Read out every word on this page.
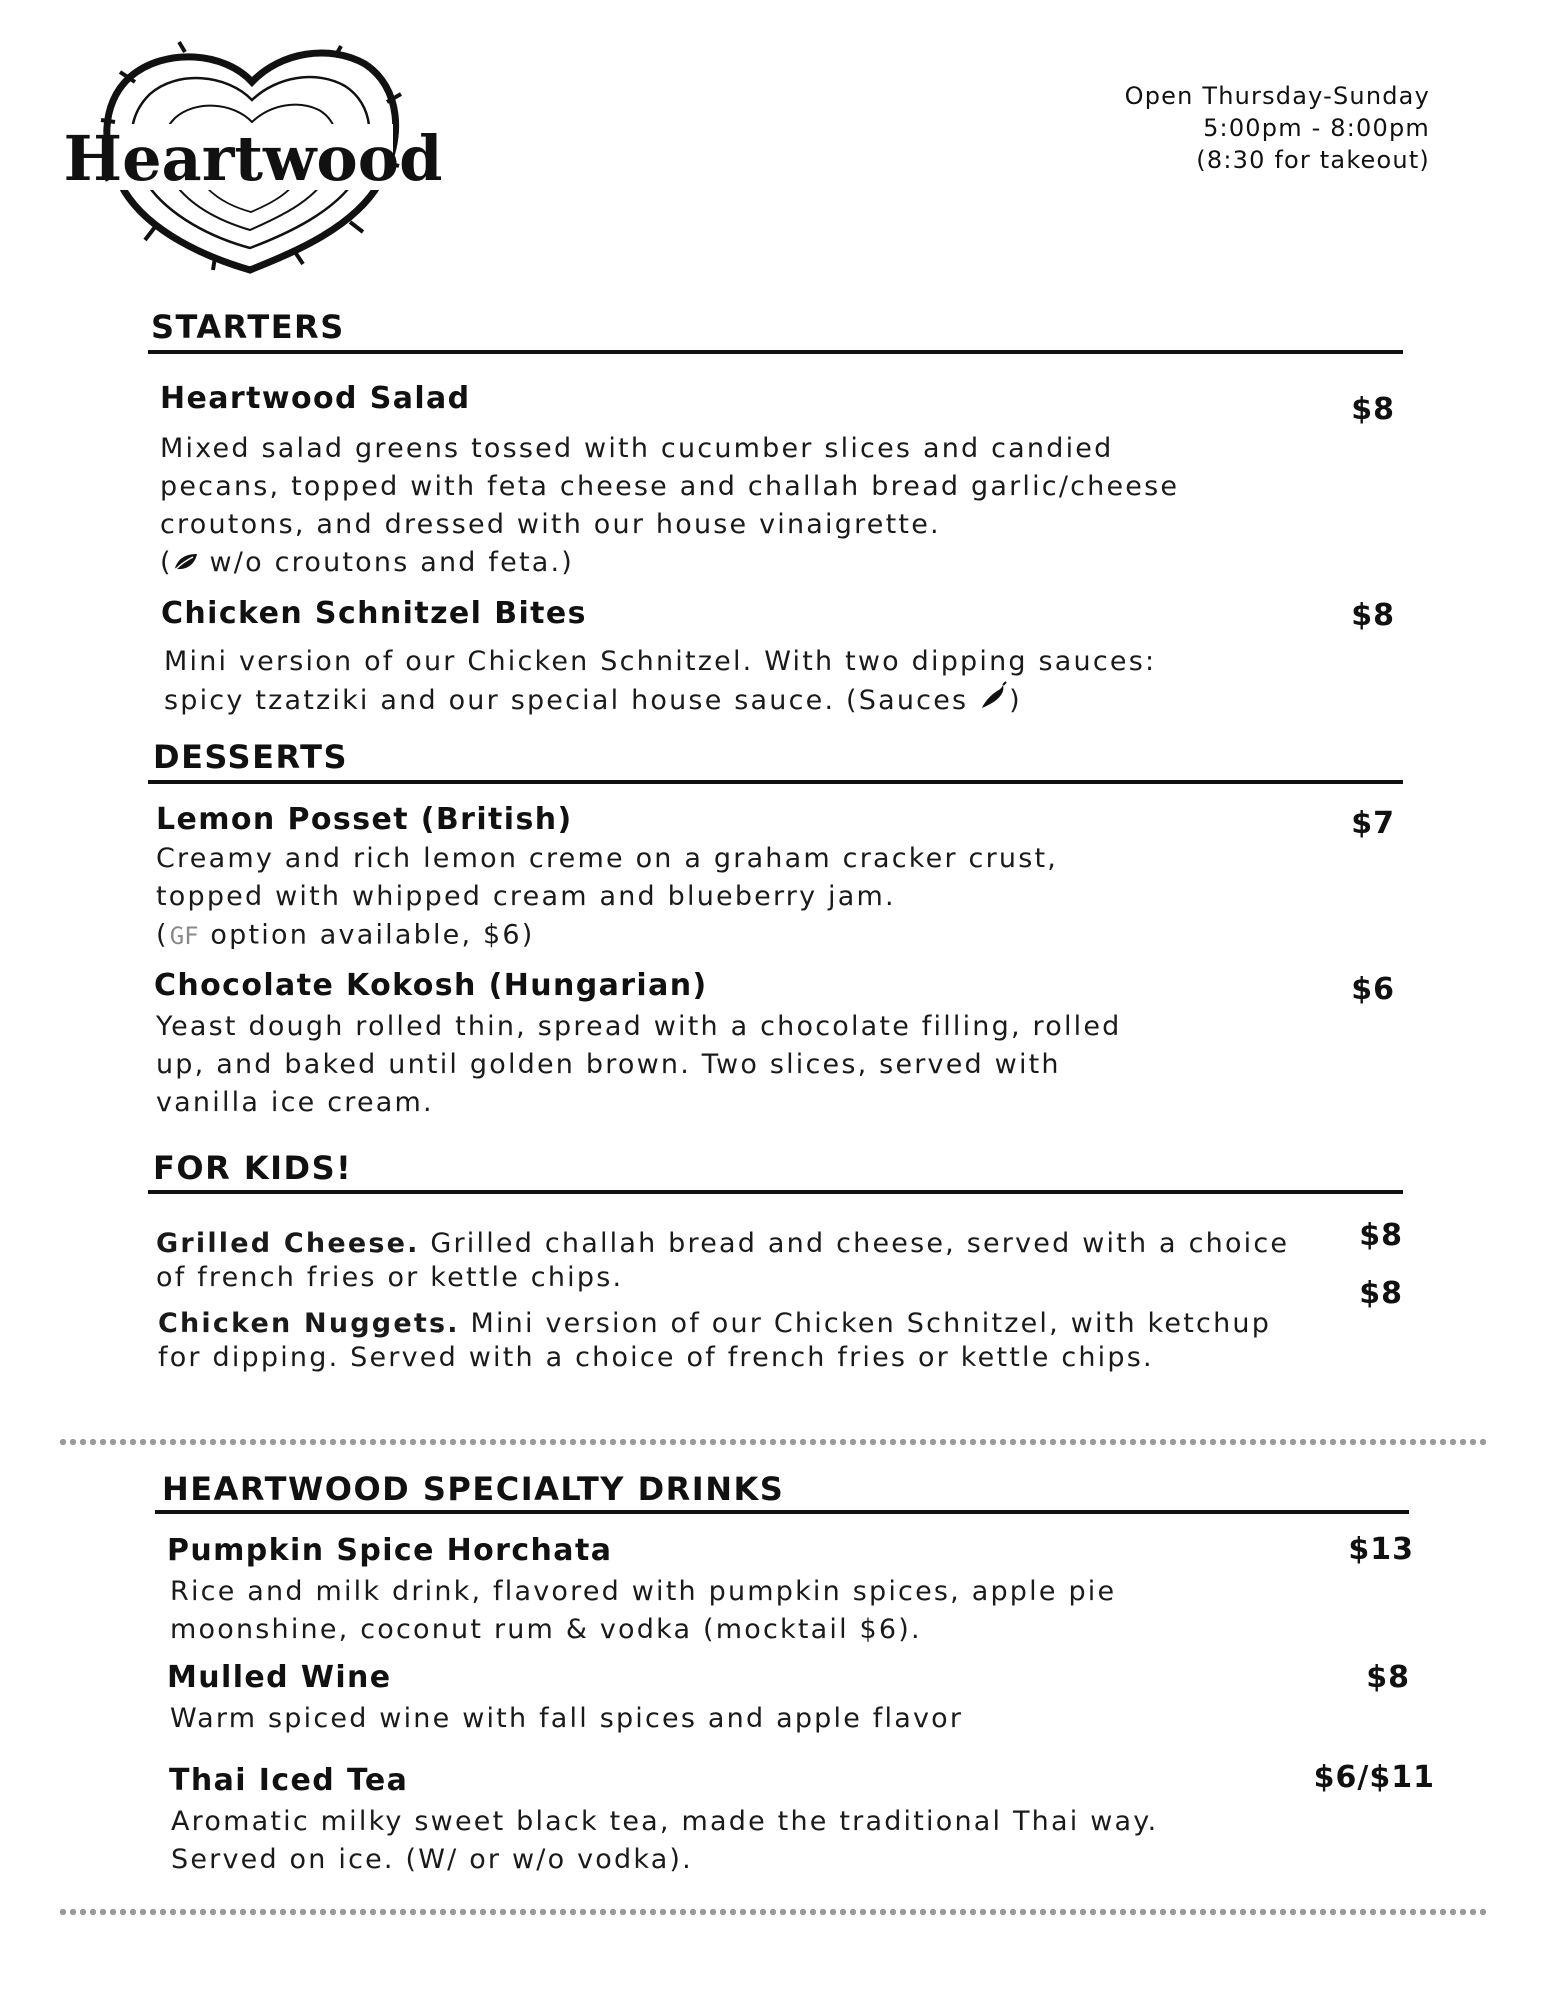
Heartwood
Open Thursday-Sunday
5:00pm - 8:00pm
(8:30 for takeout)
STARTERS
Heartwood Salad	$8
Mixed salad greens tossed with cucumber slices and candied
pecans, topped with feta cheese and challah bread garlic/cheese
croutons, and dressed with our house vinaigrette.
( w/o croutons and feta.)
Chicken Schnitzel Bites	$8
Mini version of our Chicken Schnitzel. With two dipping sauces:
spicy tzatziki and our special house sauce. (Sauces )
DESSERTS
Lemon Posset (British)	$7
Creamy and rich lemon creme on a graham cracker crust,
topped with whipped cream and blueberry jam.
(GF option available, $6)
Chocolate Kokosh (Hungarian)	$6
Yeast dough rolled thin, spread with a chocolate filling, rolled
up, and baked until golden brown. Two slices, served with
vanilla ice cream.
FOR KIDS!
Grilled Cheese. Grilled challah bread and cheese, served with a choice
of french fries or kettle chips.
$8
Chicken Nuggets. Mini version of our Chicken Schnitzel, with ketchup
for dipping. Served with a choice of french fries or kettle chips.
$8
HEARTWOOD SPECIALTY DRINKS
Pumpkin Spice Horchata	$13
Rice and milk drink, flavored with pumpkin spices, apple pie
moonshine, coconut rum & vodka (mocktail $6).
Mulled Wine	$8
Warm spiced wine with fall spices and apple flavor
Thai Iced Tea	$6/$11
Aromatic milky sweet black tea, made the traditional Thai way.
Served on ice. (W/ or w/o vodka).
